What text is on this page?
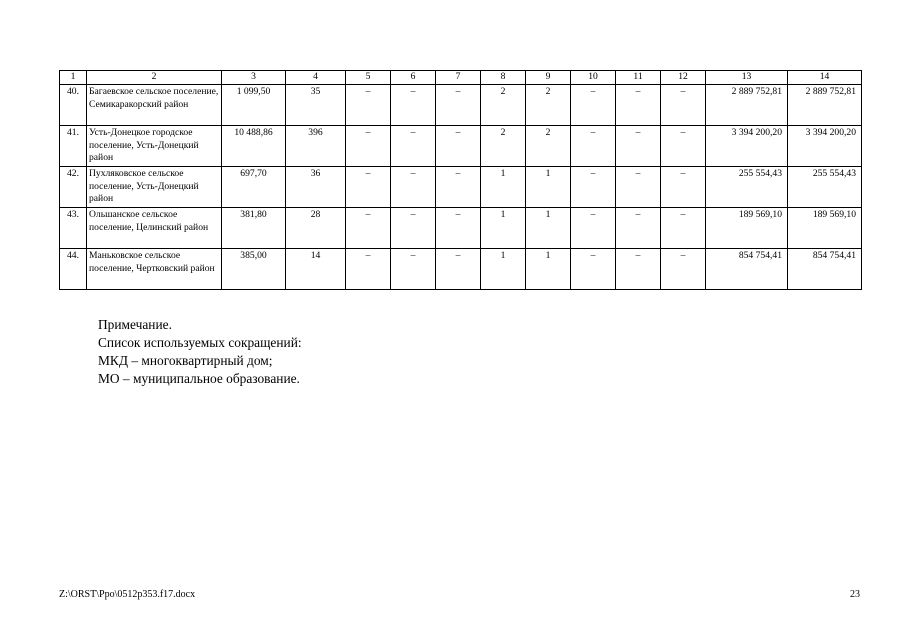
1	2	3	4	5	6	7	8	9	10	11	12	13	14
40.	Багаевское сельское поселение, Семикаракорский район	1 099,50	35	–	–	–	2	2	–	–	–	2 889 752,81	2 889 752,81
41.	Усть-Донецкое городское поселение, Усть-Донецкий район	10 488,86	396	–	–	–	2	2	–	–	–	3 394 200,20	3 394 200,20
42.	Пухляковское сельское поселение, Усть-Донецкий район	697,70	36	–	–	–	1	1	–	–	–	255 554,43	255 554,43
43.	Ольшанское сельское поселение, Целинский район	381,80	28	–	–	–	1	1	–	–	–	189 569,10	189 569,10
44.	Маньковское сельское поселение, Чертковский район	385,00	14	–	–	–	1	1	–	–	–	854 754,41	854 754,41
Примечание.
Список используемых сокращений:
МКД – многоквартирный дом;
МО – муниципальное образование.
Z:\ORST\Ppo\0512p353.f17.docx	23
